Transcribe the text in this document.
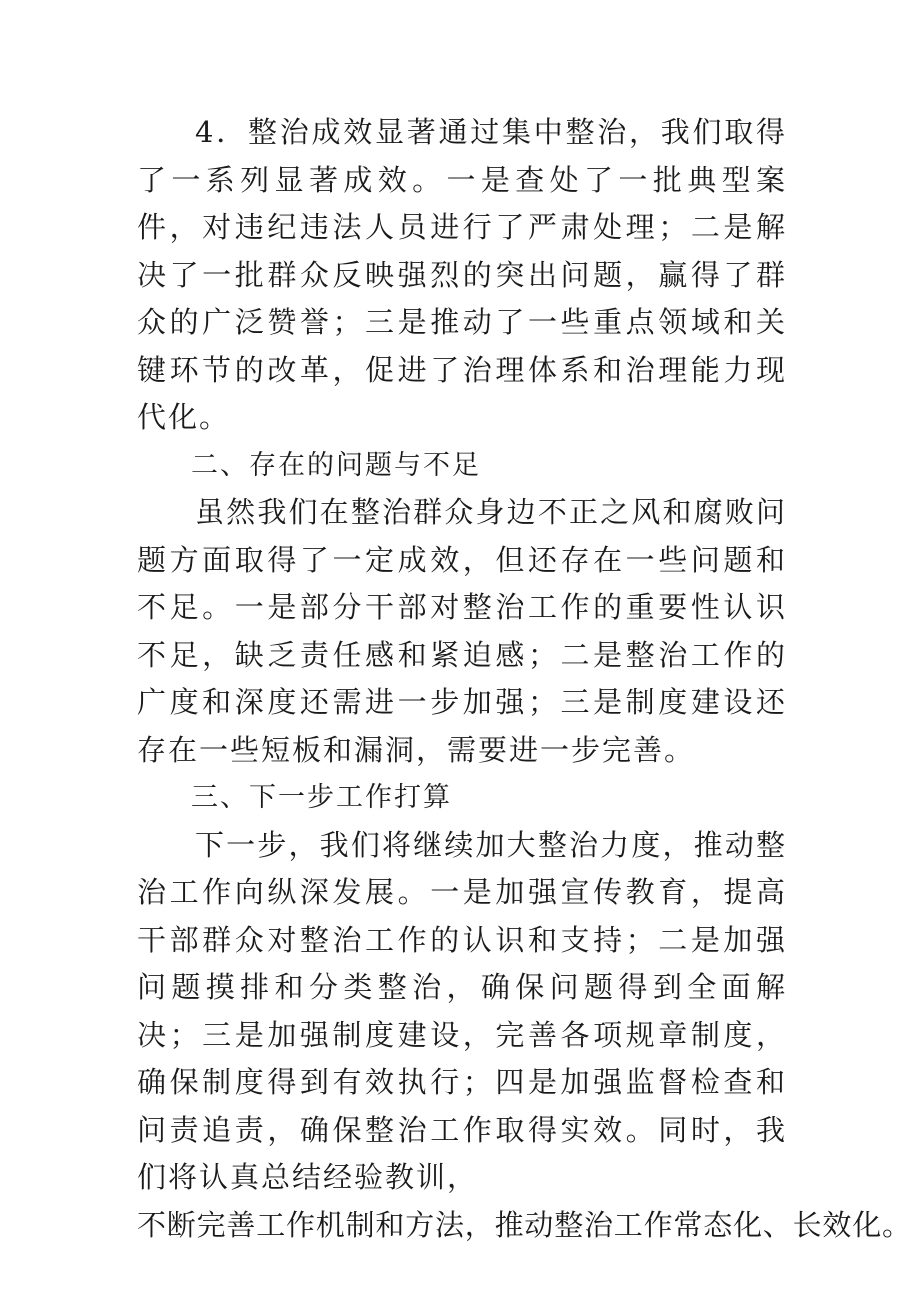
4．整治成效显著通过集中整治，我们取得了一系列显著成效。一是查处了一批典型案件，对违纪违法人员进行了严肃处理；二是解决了一批群众反映强烈的突出问题，赢得了群众的广泛赞誉；三是推动了一些重点领域和关键环节的改革，促进了治理体系和治理能力现代化。

二、存在的问题与不足

虽然我们在整治群众身边不正之风和腐败问题方面取得了一定成效，但还存在一些问题和不足。一是部分干部对整治工作的重要性认识不足，缺乏责任感和紧迫感；二是整治工作的广度和深度还需进一步加强；三是制度建设还存在一些短板和漏洞，需要进一步完善。

三、下一步工作打算

下一步，我们将继续加大整治力度，推动整治工作向纵深发展。一是加强宣传教育，提高干部群众对整治工作的认识和支持；二是加强问题摸排和分类整治，确保问题得到全面解决；三是加强制度建设，完善各项规章制度，确保制度得到有效执行；四是加强监督检查和问责追责，确保整治工作取得实效。同时，我们将认真总结经验教训，

不断完善工作机制和方法，推动整治工作常态化、长效化。
